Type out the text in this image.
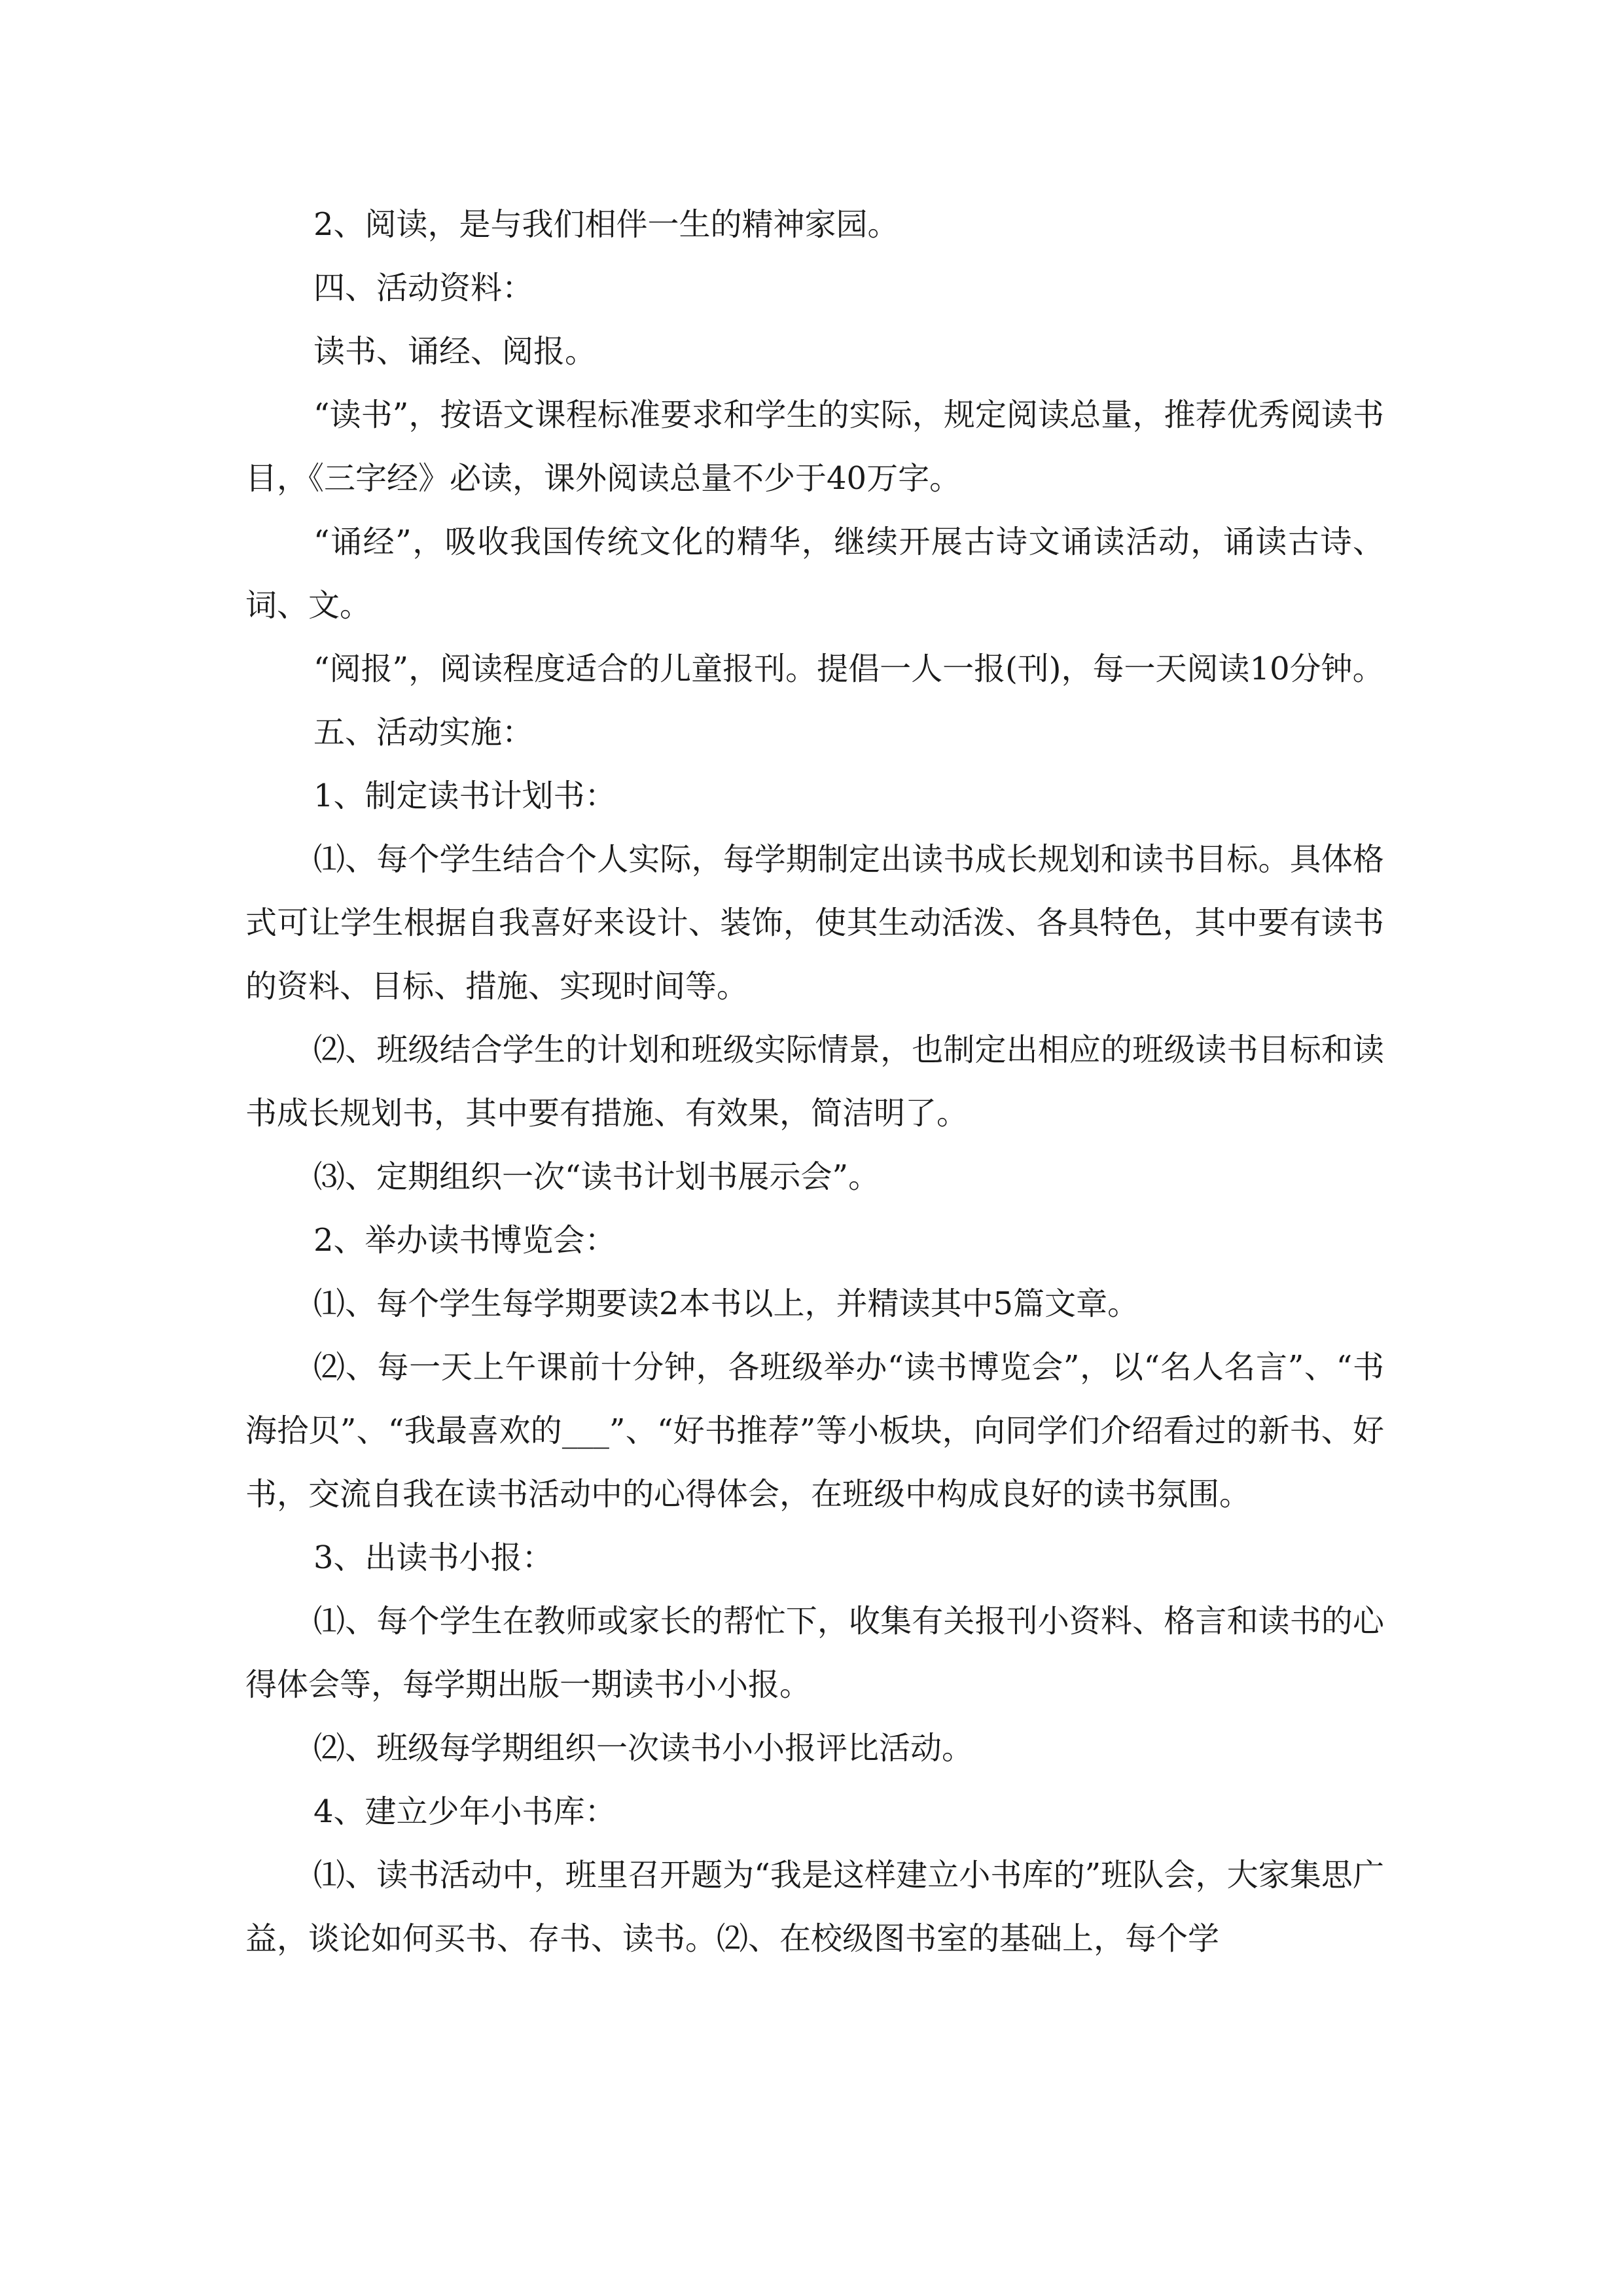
2、阅读，是与我们相伴一生的精神家园。

四、活动资料：

读书、诵经、阅报。

“读书”，按语文课程标准要求和学生的实际，规定阅读总量，推荐优秀阅读书目，《三字经》必读，课外阅读总量不少于40万字。

“诵经”，吸收我国传统文化的精华，继续开展古诗文诵读活动，诵读古诗、词、文。

“阅报”，阅读程度适合的儿童报刊。提倡一人一报(刊)，每一天阅读10分钟。

五、活动实施：

1、制定读书计划书：

⑴、每个学生结合个人实际，每学期制定出读书成长规划和读书目标。具体格式可让学生根据自我喜好来设计、装饰，使其生动活泼、各具特色，其中要有读书的资料、目标、措施、实现时间等。

⑵、班级结合学生的计划和班级实际情景，也制定出相应的班级读书目标和读书成长规划书，其中要有措施、有效果，简洁明了。

⑶、定期组织一次“读书计划书展示会”。

2、举办读书博览会：

⑴、每个学生每学期要读2本书以上，并精读其中5篇文章。

⑵、每一天上午课前十分钟，各班级举办“读书博览会”，以“名人名言”、“书海拾贝”、“我最喜欢的___”、“好书推荐”等小板块，向同学们介绍看过的新书、好书，交流自我在读书活动中的心得体会，在班级中构成良好的读书氛围。

3、出读书小报：

⑴、每个学生在教师或家长的帮忙下，收集有关报刊小资料、格言和读书的心得体会等，每学期出版一期读书小小报。

⑵、班级每学期组织一次读书小小报评比活动。

4、建立少年小书库：

⑴、读书活动中，班里召开题为“我是这样建立小书库的”班队会，大家集思广益，谈论如何买书、存书、读书。⑵、在校级图书室的基础上，每个学
